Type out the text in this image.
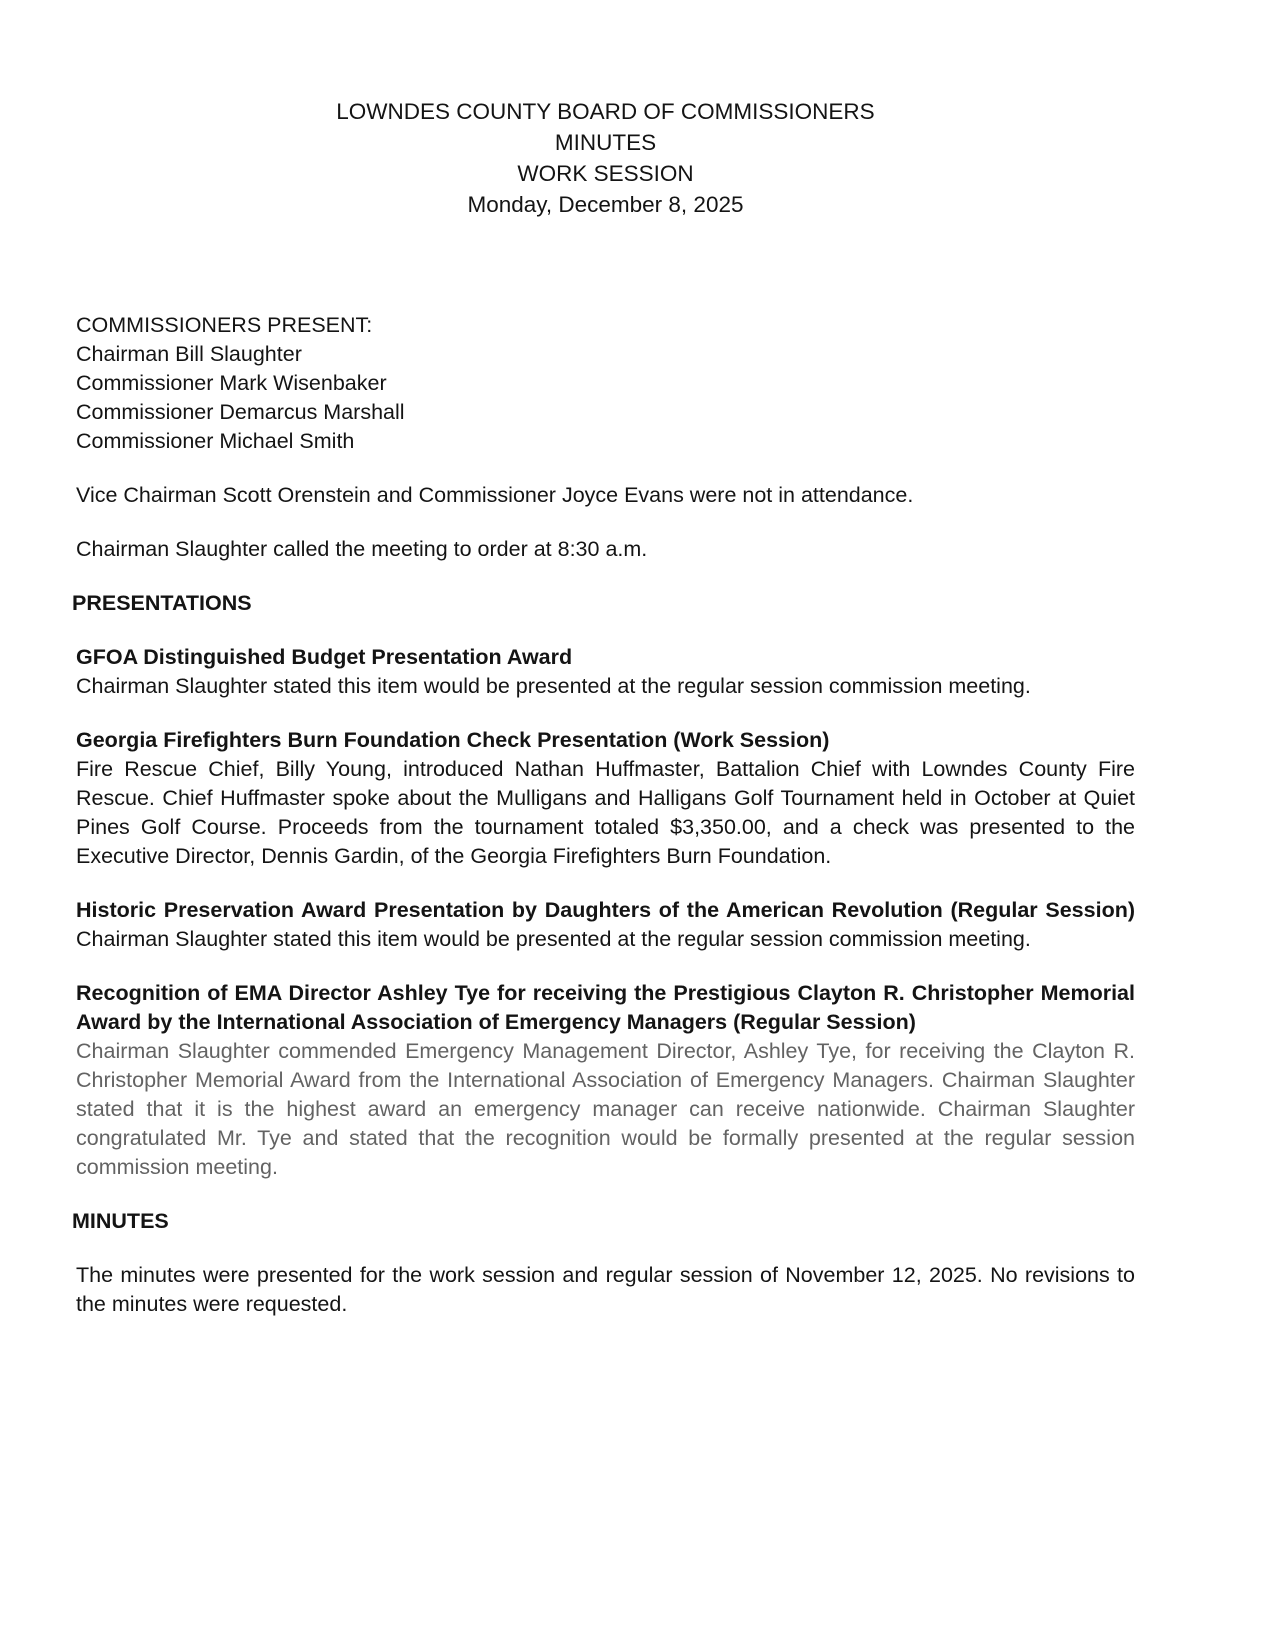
LOWNDES COUNTY BOARD OF COMMISSIONERS

MINUTES

WORK SESSION

Monday, December 8, 2025

COMMISSIONERS PRESENT:

Chairman Bill Slaughter

Commissioner Mark Wisenbaker

Commissioner Demarcus Marshall

Commissioner Michael Smith

Vice Chairman Scott Orenstein and Commissioner Joyce Evans were not in attendance.

Chairman Slaughter called the meeting to order at 8:30 a.m.

PRESENTATIONS

GFOA Distinguished Budget Presentation Award

Chairman Slaughter stated this item would be presented at the regular session commission meeting.

Georgia Firefighters Burn Foundation Check Presentation (Work Session)

Fire Rescue Chief, Billy Young, introduced Nathan Huffmaster, Battalion Chief with Lowndes County Fire Rescue. Chief Huffmaster spoke about the Mulligans and Halligans Golf Tournament held in October at Quiet Pines Golf Course. Proceeds from the tournament totaled $3,350.00, and a check was presented to the Executive Director, Dennis Gardin, of the Georgia Firefighters Burn Foundation.

Historic Preservation Award Presentation by Daughters of the American Revolution (Regular Session) Chairman Slaughter stated this item would be presented at the regular session commission meeting.

Recognition of EMA Director Ashley Tye for receiving the Prestigious Clayton R. Christopher Memorial Award by the International Association of Emergency Managers (Regular Session)

Chairman Slaughter commended Emergency Management Director, Ashley Tye, for receiving the Clayton R. Christopher Memorial Award from the International Association of Emergency Managers. Chairman Slaughter stated that it is the highest award an emergency manager can receive nationwide. Chairman Slaughter congratulated Mr. Tye and stated that the recognition would be formally presented at the regular session commission meeting.

MINUTES

The minutes were presented for the work session and regular session of November 12, 2025. No revisions to the minutes were requested.
